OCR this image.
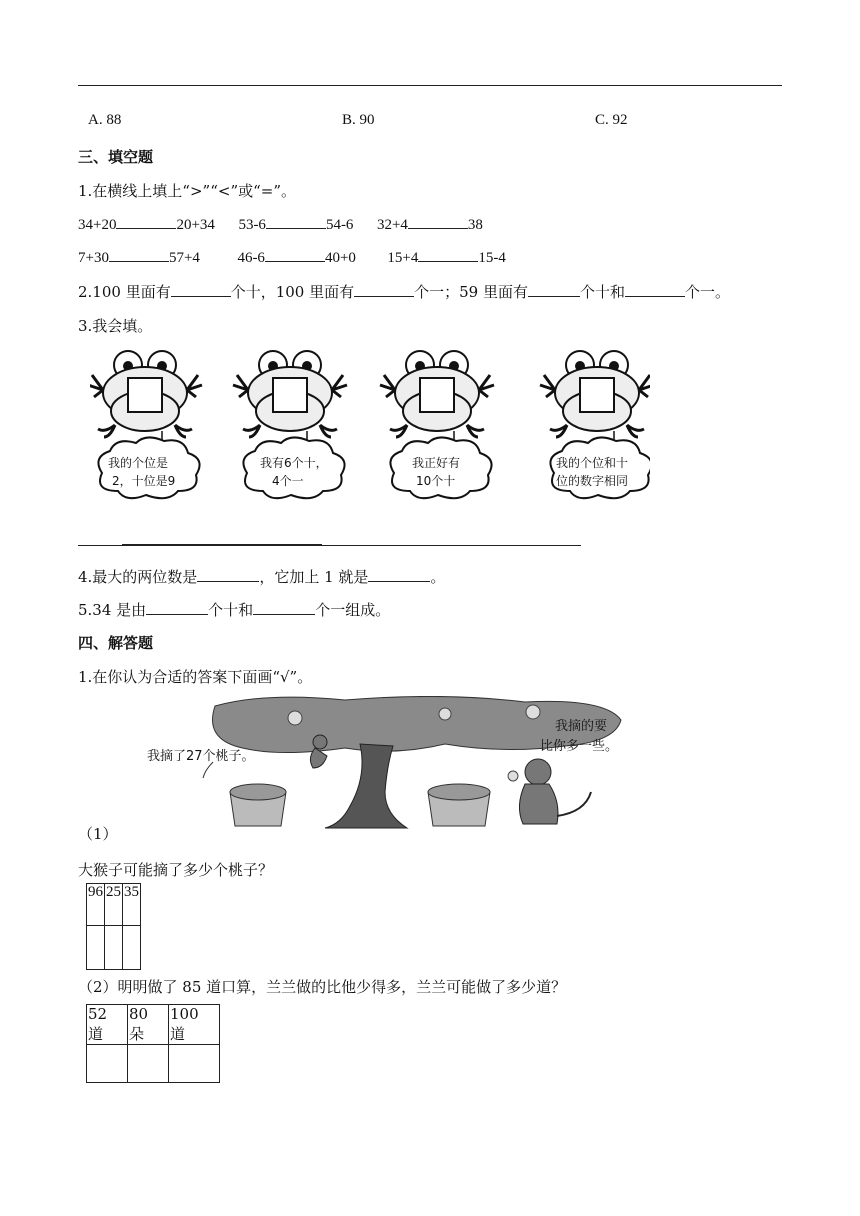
A. 88	B. 90	C. 92
三、填空题
1.在横线上填上“>”“<”或“=”。
34+20	20+34 53-6	54-6 32+4	38
7+30	57+4	46-6	40+0 15+4	15-4
2.100 里面有	个十，100 里面有	个一；59 里面有	个十和	个一。
3.我会填。
我的个位是
2，十位是9
我有6个十，
4个一
我正好有
10个十
我的个位和十
位的数字相同
4.最大的两位数是	，它加上 1 就是	。
5.34 是由	个十和	个一组成。
四、解答题
1.在你认为合适的答案下面画“√”。
我摘了27个桃子。
我摘的要
比你多一些。
（1）
大猴子可能摘了多少个桃子？
96	25	35

（2）明明做了 85 道口算，兰兰做的比他少得多，兰兰可能做了多少道？
52 道	80 朵	100 道
